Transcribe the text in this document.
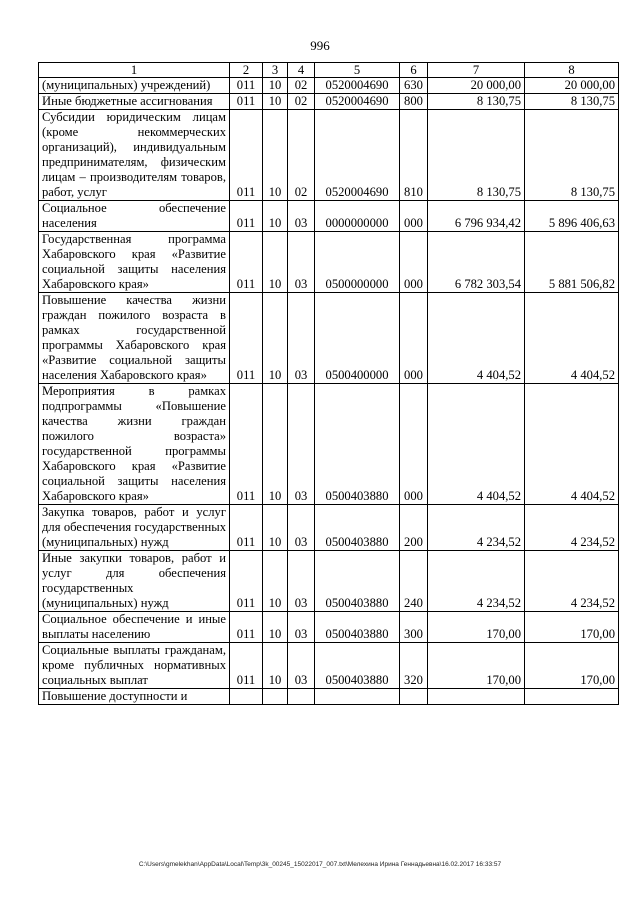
996
1	2	3	4	5	6	7	8
(муниципальных) учреждений)	011	10	02	0520004690	630	20 000,00	20 000,00
Иные бюджетные ассигнования	011	10	02	0520004690	800	8 130,75	8 130,75
Субсидии юридическим лицам (кроме некоммерческих организаций), индивидуальным предпринимателям, физическим лицам – производителям товаров, работ, услуг	011	10	02	0520004690	810	8 130,75	8 130,75
Социальное обеспечение населения	011	10	03	0000000000	000	6 796 934,42	5 896 406,63
Государственная программа Хабаровского края «Развитие социальной защиты населения Хабаровского края»	011	10	03	0500000000	000	6 782 303,54	5 881 506,82
Повышение качества жизни граждан пожилого возраста в рамках государственной программы Хабаровского края «Развитие социальной защиты населения Хабаровского края»	011	10	03	0500400000	000	4 404,52	4 404,52
Мероприятия в рамках подпрограммы «Повышение качества жизни граждан пожилого возраста» государственной программы Хабаровского края «Развитие социальной защиты населения Хабаровского края»	011	10	03	0500403880	000	4 404,52	4 404,52
Закупка товаров, работ и услуг для обеспечения государственных (муниципальных) нужд	011	10	03	0500403880	200	4 234,52	4 234,52
Иные закупки товаров, работ и услуг для обеспечения государственных (муниципальных) нужд	011	10	03	0500403880	240	4 234,52	4 234,52
Социальное обеспечение и иные выплаты населению	011	10	03	0500403880	300	170,00	170,00
Социальные выплаты гражданам, кроме публичных нормативных социальных выплат	011	10	03	0500403880	320	170,00	170,00
Повышение доступности и							
C:\Users\gmelekhan\AppData\Local\Temp\3k_00245_15022017_007.txt\Мелехина Ирина Геннадьевна\16.02.2017 16:33:57
